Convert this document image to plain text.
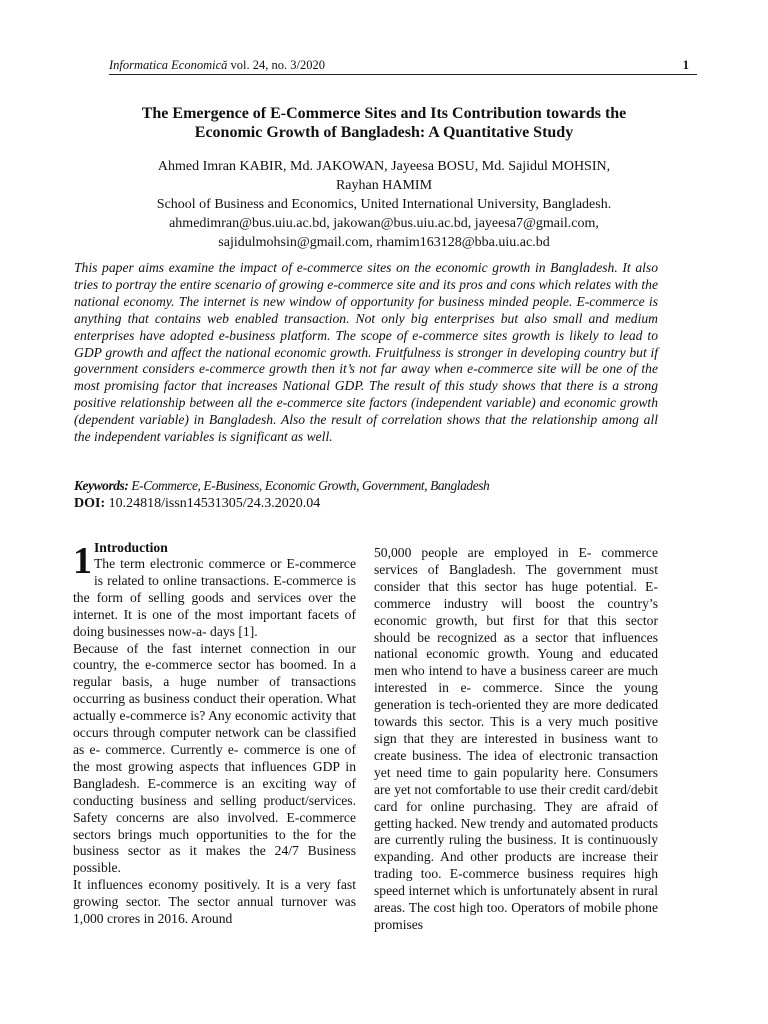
Informatica Economică vol. 24, no. 3/2020	1
The Emergence of E-Commerce Sites and Its Contribution towards the
Economic Growth of Bangladesh: A Quantitative Study
Ahmed Imran KABIR, Md. JAKOWAN, Jayeesa BOSU, Md. Sajidul MOHSIN,
Rayhan HAMIM
School of Business and Economics, United International University, Bangladesh.
ahmedimran@bus.uiu.ac.bd, jakowan@bus.uiu.ac.bd, jayeesa7@gmail.com,
sajidulmohsin@gmail.com, rhamim163128@bba.uiu.ac.bd
This paper aims examine the impact of e-commerce sites on the economic growth in Bangladesh. It also tries to portray the entire scenario of growing e-commerce site and its pros and cons which relates with the national economy. The internet is new window of opportunity for business minded people. E-commerce is anything that contains web enabled transaction. Not only big enterprises but also small and medium enterprises have adopted e-business platform. The scope of e-commerce sites growth is likely to lead to GDP growth and affect the national economic growth. Fruitfulness is stronger in developing country but if government considers e-commerce growth then it’s not far away when e-commerce site will be one of the most promising factor that increases National GDP. The result of this study shows that there is a strong positive relationship between all the e-commerce site factors (independent variable) and economic growth (dependent variable) in Bangladesh. Also the result of correlation shows that the relationship among all the independent variables is significant as well.
Keywords: E-Commerce, E-Business, Economic Growth, Government, Bangladesh
DOI: 10.24818/issn14531305/24.3.2020.04

1 Introduction
The term electronic commerce or E-commerce is related to online transactions. E-commerce is the form of selling goods and services over the internet. It is one of the most important facets of doing businesses now-a- days [1].

Because of the fast internet connection in our country, the e-commerce sector has boomed. In a regular basis, a huge number of transactions occurring as business conduct their operation. What actually e-commerce is? Any economic activity that occurs through computer network can be classified as e- commerce. Currently e- commerce is one of the most growing aspects that influences GDP in Bangladesh. E-commerce is an exciting way of conducting business and selling product/services. Safety concerns are also involved. E-commerce sectors brings much opportunities to the for the business sector as it makes the 24/7 Business possible.

It influences economy positively. It is a very fast growing sector. The sector annual turnover was 1,000 crores in 2016. Around

50,000 people are employed in E- commerce services of Bangladesh. The government must consider that this sector has huge potential. E- commerce industry will boost the country’s economic growth, but first for that this sector should be recognized as a sector that influences national economic growth. Young and educated men who intend to have a business career are much interested in e- commerce. Since the young generation is tech-oriented they are more dedicated towards this sector. This is a very much positive sign that they are interested in business want to create business. The idea of electronic transaction yet need time to gain popularity here. Consumers are yet not comfortable to use their credit card/debit card for online purchasing. They are afraid of getting hacked. New trendy and automated products are currently ruling the business. It is continuously expanding. And other products are increase their trading too. E-commerce business requires high speed internet which is unfortunately absent in rural areas. The cost high too. Operators of mobile phone promises
